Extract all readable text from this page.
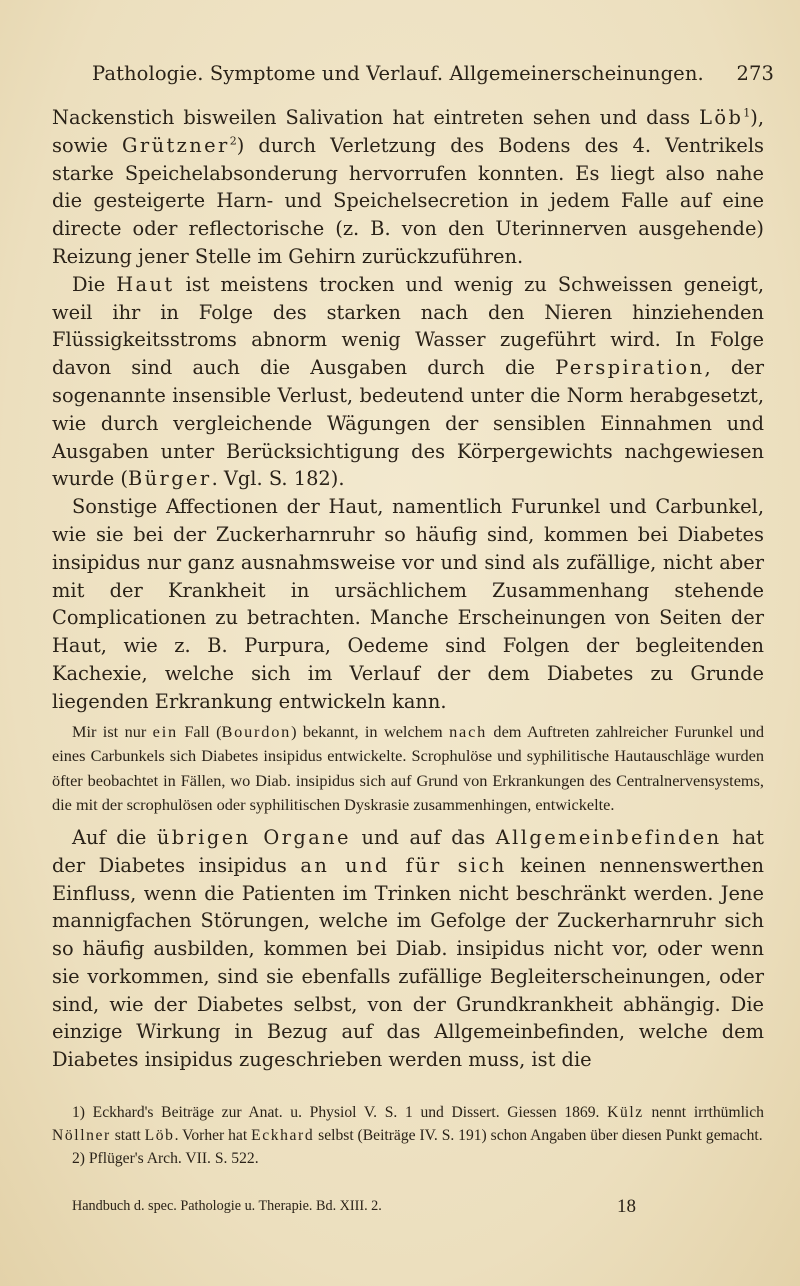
Pathologie. Symptome und Verlauf. Allgemeinerscheinungen. 273

Nackenstich bisweilen Salivation hat eintreten sehen und dass Löb$^1$), sowie Grützner$^2$) durch Verletzung des Bodens des 4. Ventrikels starke Speichelabsonderung hervorrufen konnten. Es liegt also nahe die gesteigerte Harn- und Speichelsecretion in jedem Falle auf eine directe oder reflectorische (z. B. von den Uterinnerven ausgehende) Reizung jener Stelle im Gehirn zurückzuführen.

Die Haut ist meistens trocken und wenig zu Schweissen geneigt, weil ihr in Folge des starken nach den Nieren hinziehenden Flüssigkeitsstroms abnorm wenig Wasser zugeführt wird. In Folge davon sind auch die Ausgaben durch die Perspiration, der sogenannte insensible Verlust, bedeutend unter die Norm herabgesetzt, wie durch vergleichende Wägungen der sensiblen Einnahmen und Ausgaben unter Berücksichtigung des Körpergewichts nachgewiesen wurde (Bürger. Vgl. S. 182).

Sonstige Affectionen der Haut, namentlich Furunkel und Carbunkel, wie sie bei der Zuckerharnruhr so häufig sind, kommen bei Diabetes insipidus nur ganz ausnahmsweise vor und sind als zufällige, nicht aber mit der Krankheit in ursächlichem Zusammenhang stehende Complicationen zu betrachten. Manche Erscheinungen von Seiten der Haut, wie z. B. Purpura, Oedeme sind Folgen der begleitenden Kachexie, welche sich im Verlauf der dem Diabetes zu Grunde liegenden Erkrankung entwickeln kann.

Mir ist nur ein Fall (Bourdon) bekannt, in welchem nach dem Auftreten zahlreicher Furunkel und eines Carbunkels sich Diabetes insipidus entwickelte. Scrophulöse und syphilitische Hautauschläge wurden öfter beobachtet in Fällen, wo Diab. insipidus sich auf Grund von Erkrankungen des Centralnervensystems, die mit der scrophulösen oder syphilitischen Dyskrasie zusammenhingen, entwickelte.

Auf die übrigen Organe und auf das Allgemeinbefinden hat der Diabetes insipidus an und für sich keinen nennenswerthen Einfluss, wenn die Patienten im Trinken nicht beschränkt werden. Jene mannigfachen Störungen, welche im Gefolge der Zuckerharnruhr sich so häufig ausbilden, kommen bei Diab. insipidus nicht vor, oder wenn sie vorkommen, sind sie ebenfalls zufällige Begleiterscheinungen, oder sind, wie der Diabetes selbst, von der Grundkrankheit abhängig. Die einzige Wirkung in Bezug auf das Allgemeinbefinden, welche dem Diabetes insipidus zugeschrieben werden muss, ist die

1) Eckhard's Beiträge zur Anat. u. Physiol V. S. 1 und Dissert. Giessen 1869. Külz nennt irrthümlich Nöllner statt Löb. Vorher hat Eckhard selbst (Beiträge IV. S. 191) schon Angaben über diesen Punkt gemacht.

2) Pflüger's Arch. VII. S. 522.

Handbuch d. spec. Pathologie u. Therapie. Bd. XIII. 2.	18
